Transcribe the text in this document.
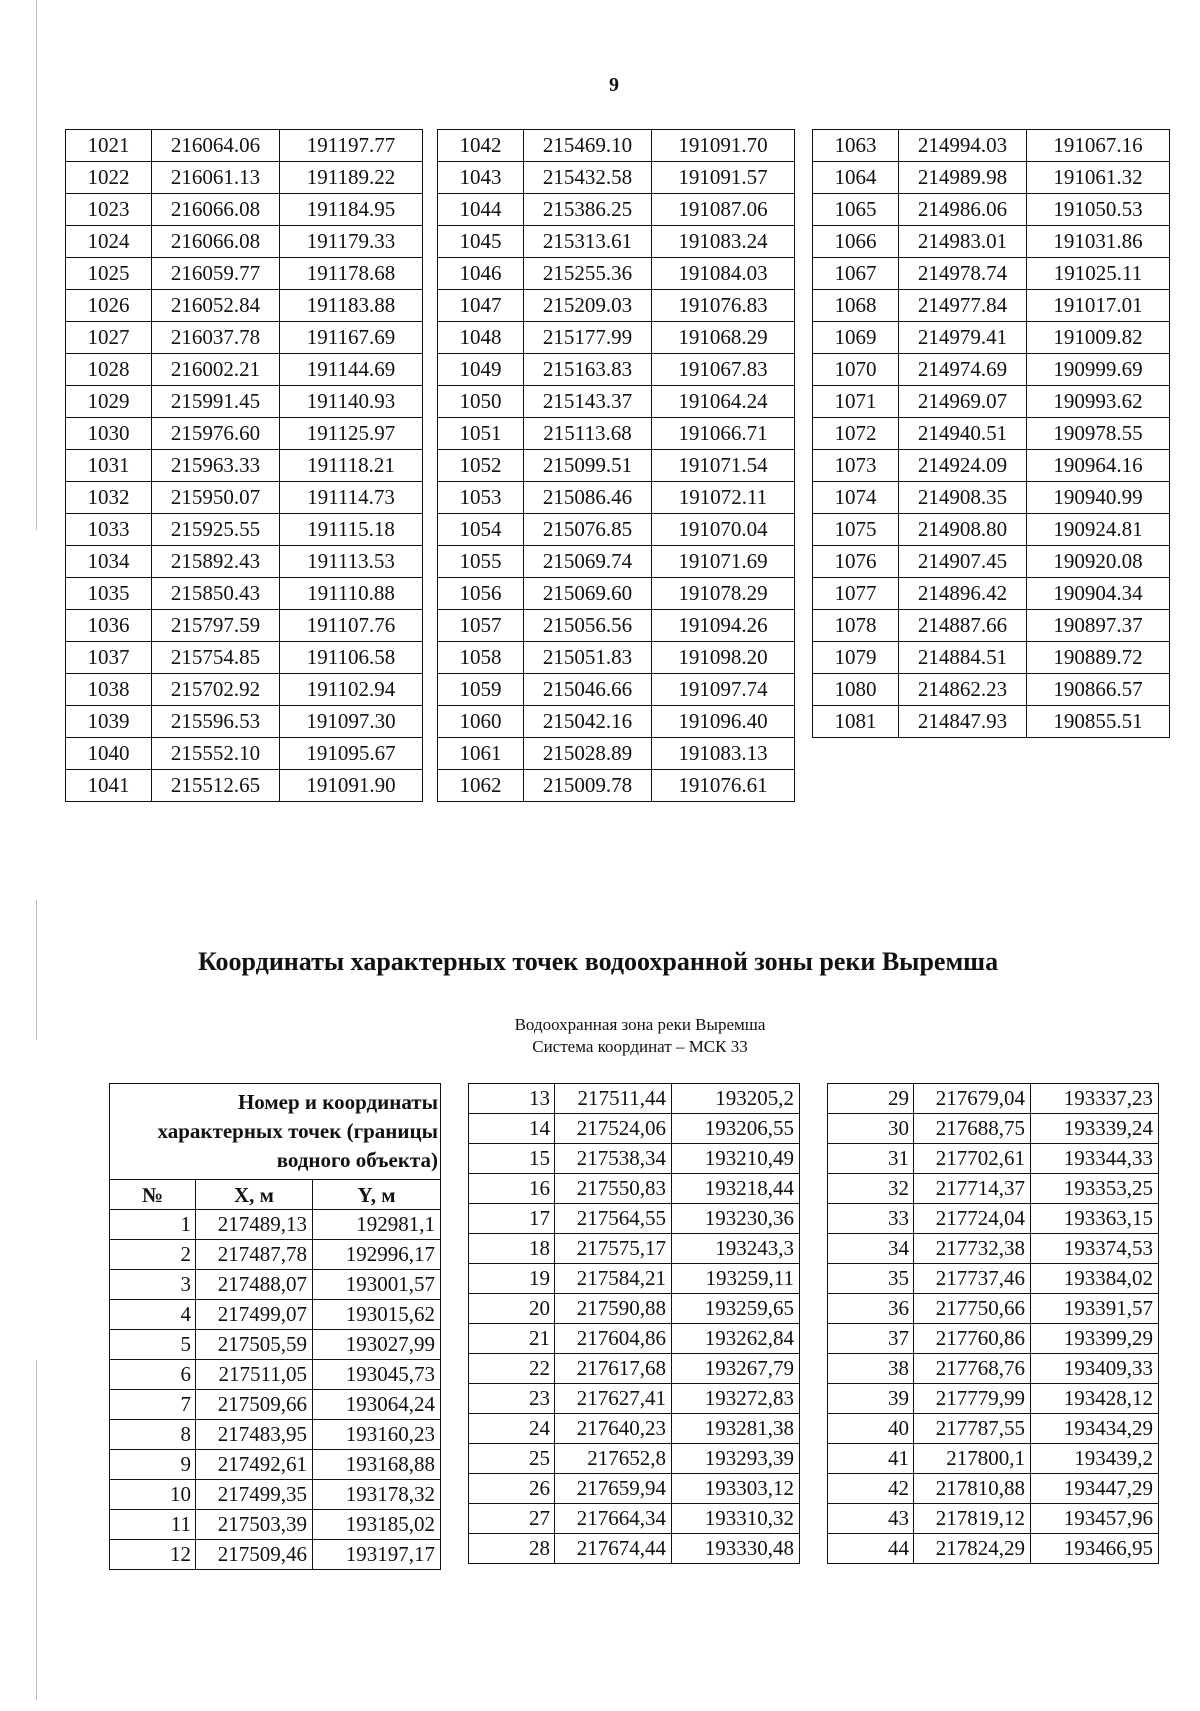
9
1021	216064.06	191197.77
1022	216061.13	191189.22
1023	216066.08	191184.95
1024	216066.08	191179.33
1025	216059.77	191178.68
1026	216052.84	191183.88
1027	216037.78	191167.69
1028	216002.21	191144.69
1029	215991.45	191140.93
1030	215976.60	191125.97
1031	215963.33	191118.21
1032	215950.07	191114.73
1033	215925.55	191115.18
1034	215892.43	191113.53
1035	215850.43	191110.88
1036	215797.59	191107.76
1037	215754.85	191106.58
1038	215702.92	191102.94
1039	215596.53	191097.30
1040	215552.10	191095.67
1041	215512.65	191091.90
1042	215469.10	191091.70
1043	215432.58	191091.57
1044	215386.25	191087.06
1045	215313.61	191083.24
1046	215255.36	191084.03
1047	215209.03	191076.83
1048	215177.99	191068.29
1049	215163.83	191067.83
1050	215143.37	191064.24
1051	215113.68	191066.71
1052	215099.51	191071.54
1053	215086.46	191072.11
1054	215076.85	191070.04
1055	215069.74	191071.69
1056	215069.60	191078.29
1057	215056.56	191094.26
1058	215051.83	191098.20
1059	215046.66	191097.74
1060	215042.16	191096.40
1061	215028.89	191083.13
1062	215009.78	191076.61
1063	214994.03	191067.16
1064	214989.98	191061.32
1065	214986.06	191050.53
1066	214983.01	191031.86
1067	214978.74	191025.11
1068	214977.84	191017.01
1069	214979.41	191009.82
1070	214974.69	190999.69
1071	214969.07	190993.62
1072	214940.51	190978.55
1073	214924.09	190964.16
1074	214908.35	190940.99
1075	214908.80	190924.81
1076	214907.45	190920.08
1077	214896.42	190904.34
1078	214887.66	190897.37
1079	214884.51	190889.72
1080	214862.23	190866.57
1081	214847.93	190855.51
Координаты характерных точек водоохранной зоны реки Выремша
Водоохранная зона реки Выремша
Система координат – МСК 33
Номер и координаты характерных точек (границы водного объекта)		
№	X, м	Y, м
1	217489,13	192981,1
2	217487,78	192996,17
3	217488,07	193001,57
4	217499,07	193015,62
5	217505,59	193027,99
6	217511,05	193045,73
7	217509,66	193064,24
8	217483,95	193160,23
9	217492,61	193168,88
10	217499,35	193178,32
11	217503,39	193185,02
12	217509,46	193197,17
13	217511,44	193205,2
14	217524,06	193206,55
15	217538,34	193210,49
16	217550,83	193218,44
17	217564,55	193230,36
18	217575,17	193243,3
19	217584,21	193259,11
20	217590,88	193259,65
21	217604,86	193262,84
22	217617,68	193267,79
23	217627,41	193272,83
24	217640,23	193281,38
25	217652,8	193293,39
26	217659,94	193303,12
27	217664,34	193310,32
28	217674,44	193330,48
29	217679,04	193337,23
30	217688,75	193339,24
31	217702,61	193344,33
32	217714,37	193353,25
33	217724,04	193363,15
34	217732,38	193374,53
35	217737,46	193384,02
36	217750,66	193391,57
37	217760,86	193399,29
38	217768,76	193409,33
39	217779,99	193428,12
40	217787,55	193434,29
41	217800,1	193439,2
42	217810,88	193447,29
43	217819,12	193457,96
44	217824,29	193466,95
